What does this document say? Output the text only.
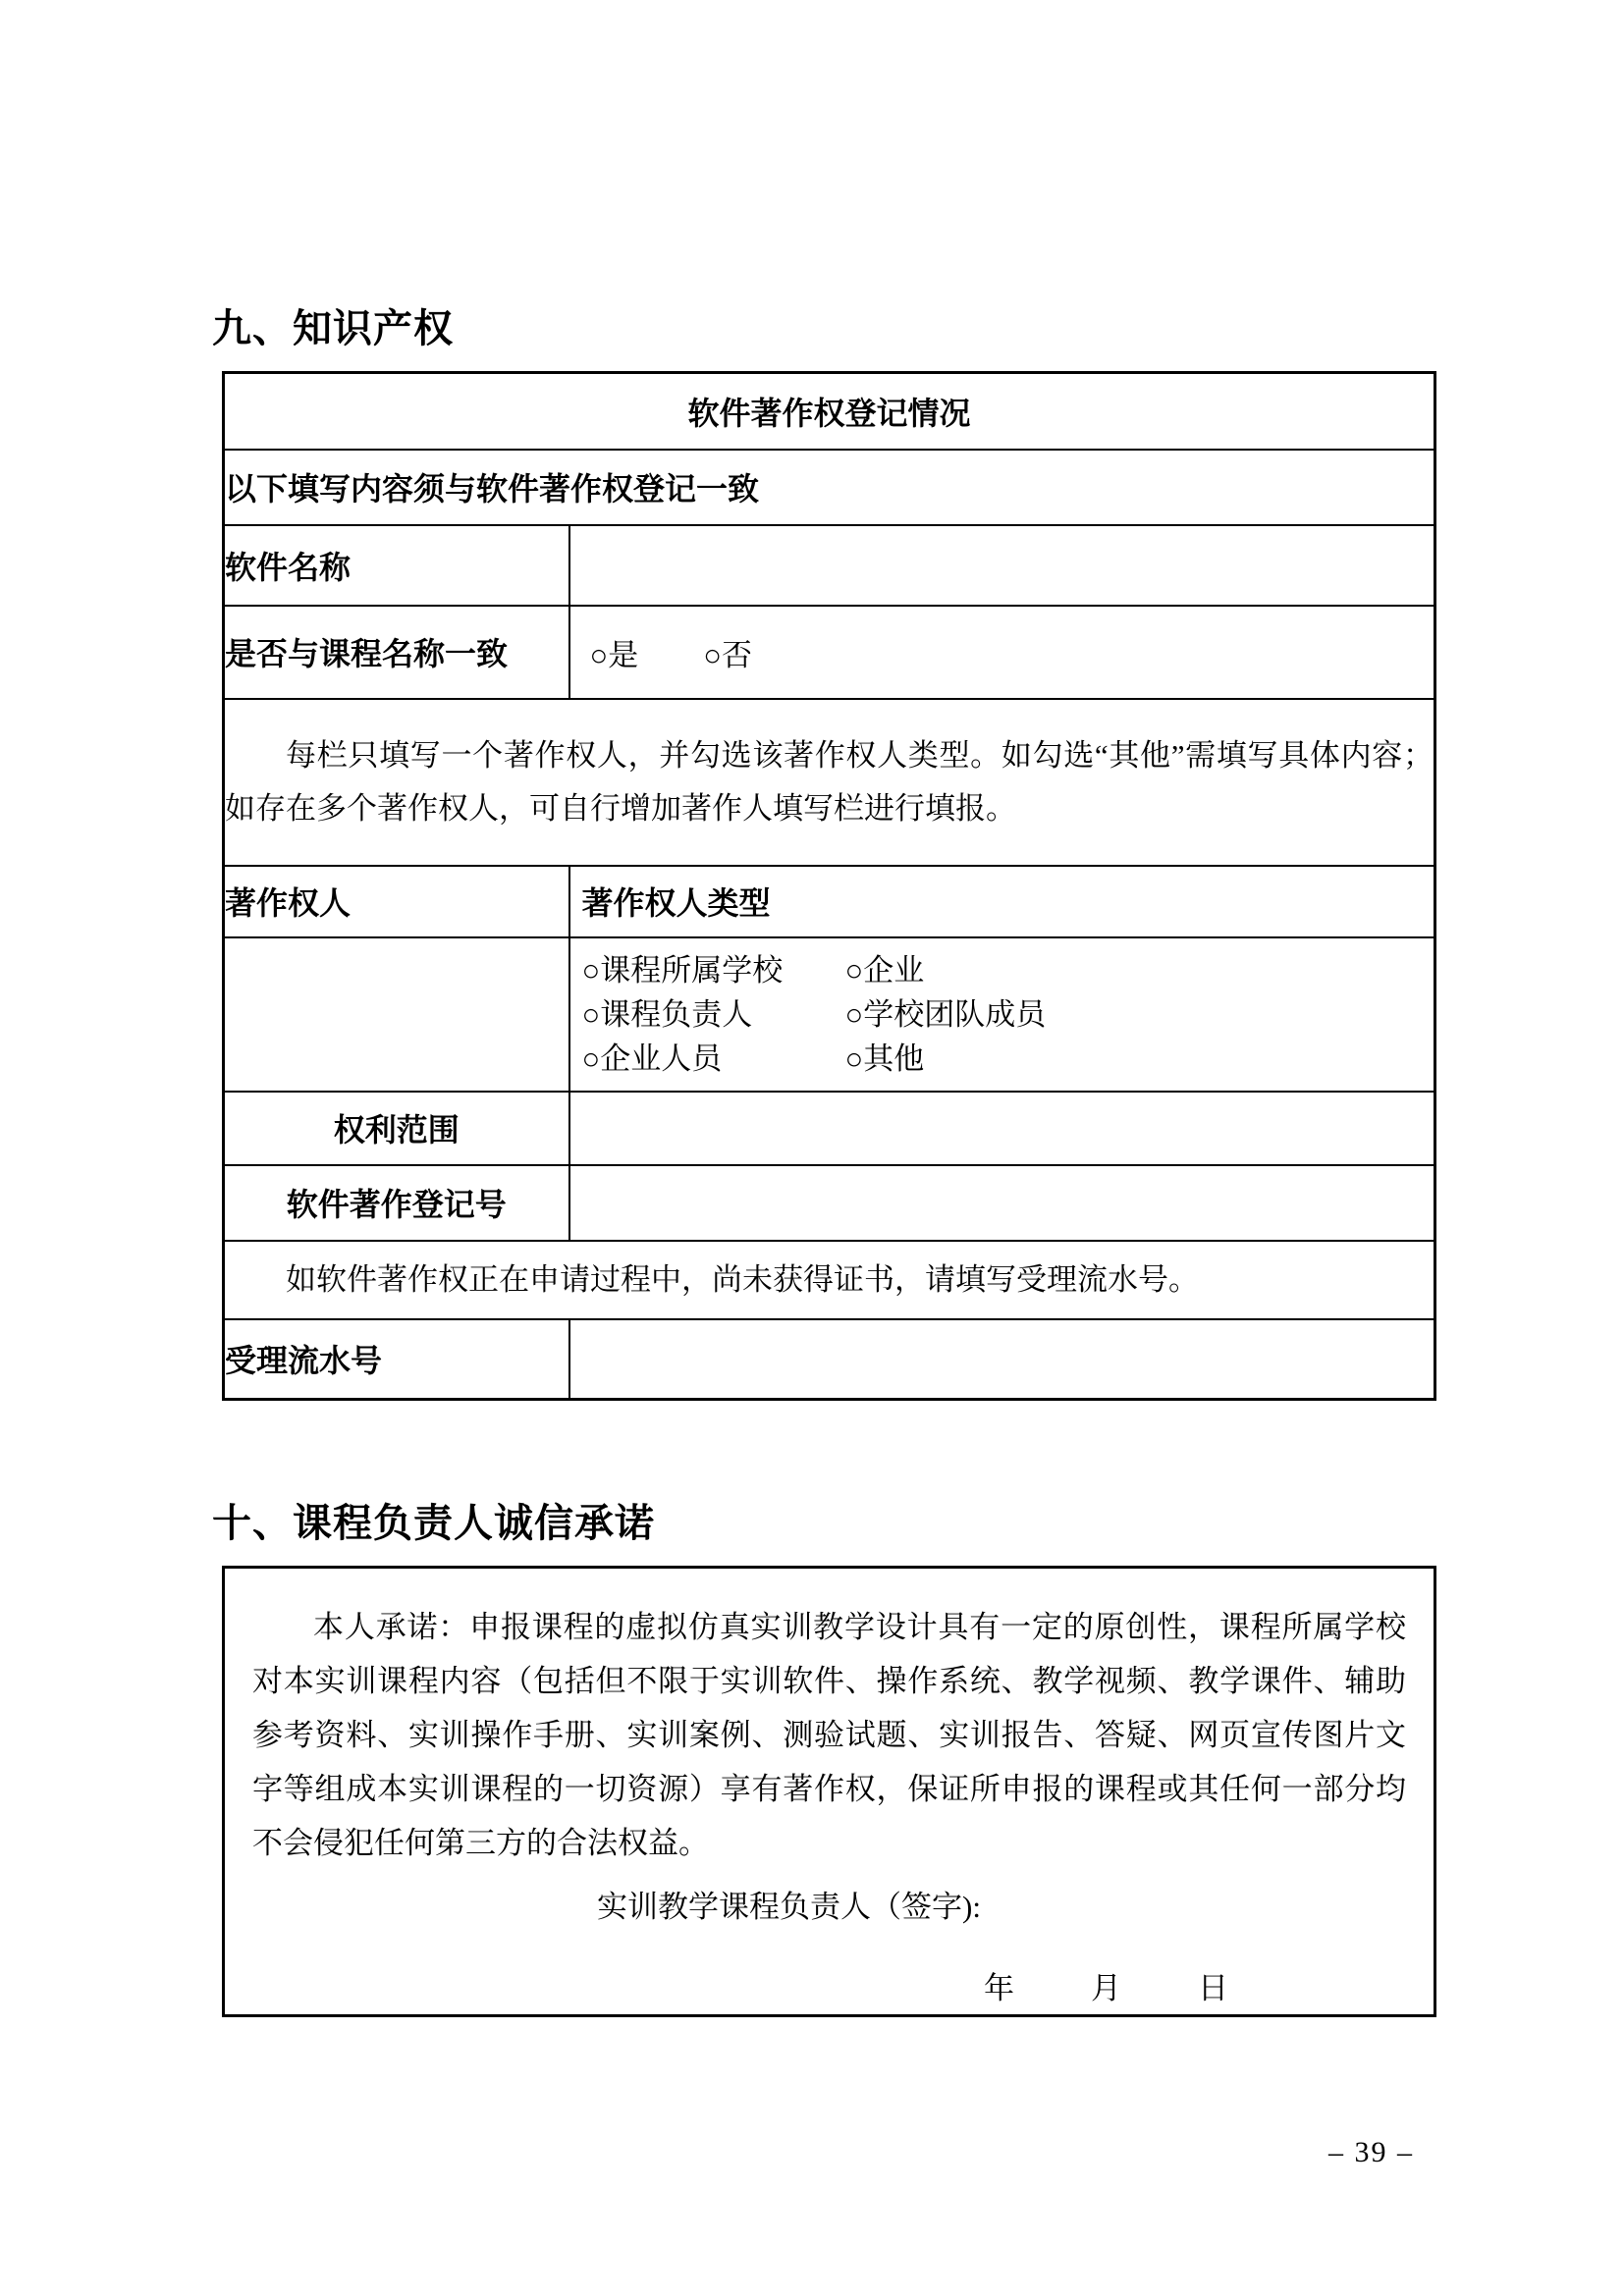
九、知识产权
软件著作权登记情况	
以下填写内容须与软件著作权登记一致	
软件名称	
是否与课程名称一致	○是 ○否

每栏只填写一个著作权人，并勾选该著作权人类型。如勾选“其他”需填写具体内容；如存在多个著作权人，可自行增加著作人填写栏进行填报。	
著作权人	著作权人类型

○课程所属学校	○企业
○课程负责人	○学校团队成员
○企业人员	○其他

权利范围	
软件著作登记号	
如软件著作权正在申请过程中，尚未获得证书，请填写受理流水号。	
受理流水号	
十、课程负责人诚信承诺
本人承诺：申报课程的虚拟仿真实训教学设计具有一定的原创性，课程所属学校对本实训课程内容（包括但不限于实训软件、操作系统、教学视频、教学课件、辅助参考资料、实训操作手册、实训案例、测验试题、实训报告、答疑、网页宣传图片文字等组成本实训课程的一切资源）享有著作权，保证所申报的课程或其任何一部分均不会侵犯任何第三方的合法权益。
实训教学课程负责人（签字):
年	月	日
– 39 –
